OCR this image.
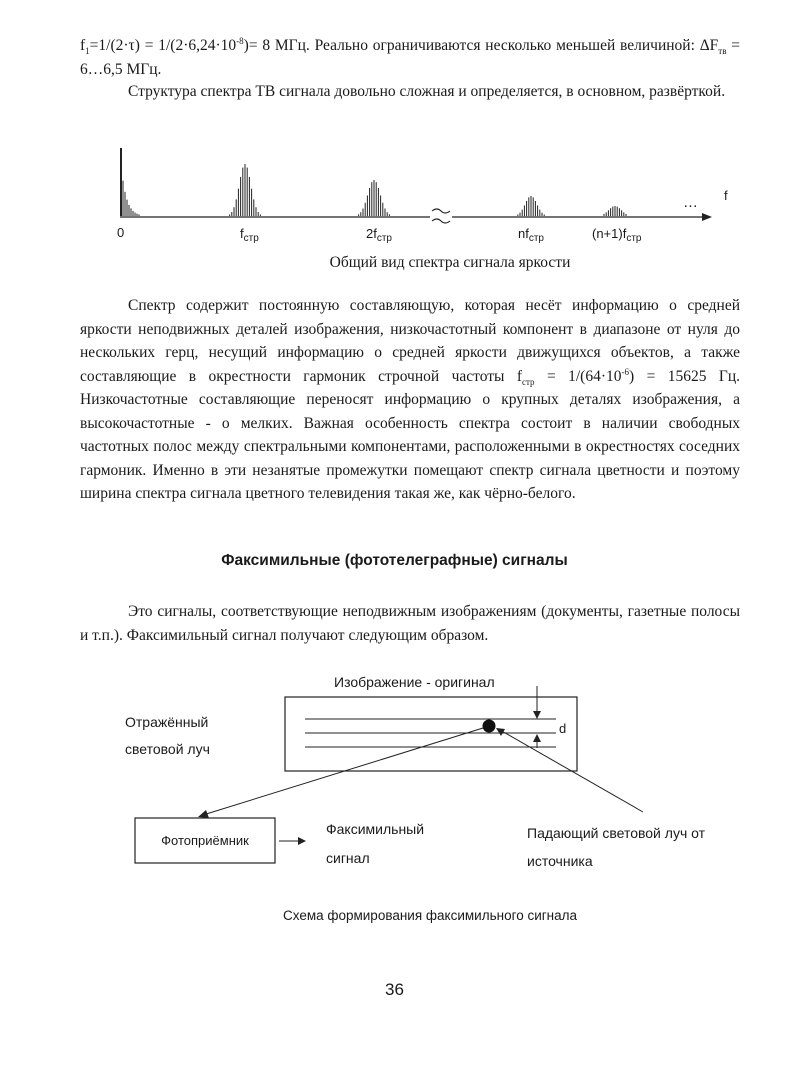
$f_1=1/(2\cdot\tau) = 1/(2\cdot 6,24\cdot 10^{-8})= 8$ МГц. Реально ограничиваются несколько меньшей величиной: $\Delta F_{тв}$ = 6…6,5 МГц.

Структура спектра ТВ сигнала довольно сложная и определяется, в основном, развёрткой.

0	$f_{стр}$	$2f_{стр}$	$nf_{стр}$	$(n+1)f_{стр}$
f
…
Общий вид спектра сигнала яркости

Спектр содержит постоянную составляющую, которая несёт информацию о средней яркости неподвижных деталей изображения, низкочастотный компонент в диапазоне от нуля до нескольких герц, несущий информацию о средней яркости движущихся объектов, а также составляющие в окрестности гармоник строчной частоты $f_{стр} = 1/(64\cdot 10^{-6}) = 15625$ Гц. Низкочастотные составляющие переносят информацию о крупных деталях изображения, а высокочастотные - о мелких. Важная особенность спектра состоит в наличии свободных частотных полос между спектральными компонентами, расположенными в окрестностях соседних гармоник. Именно в эти незанятые промежутки помещают спектр сигнала цветности и поэтому ширина спектра сигнала цветного телевидения такая же, как чёрно-белого.

Факсимильные (фототелеграфные) сигналы

Это сигналы, соответствующие неподвижным изображениям (документы, газетные полосы и т.п.). Факсимильный сигнал получают следующим образом.

d
Фотоприёмник
Изображение - оригинал
Отражённый
световой луч
Факсимильный
сигнал
Падающий световой луч от
источника
Схема формирования факсимильного сигнала
36
